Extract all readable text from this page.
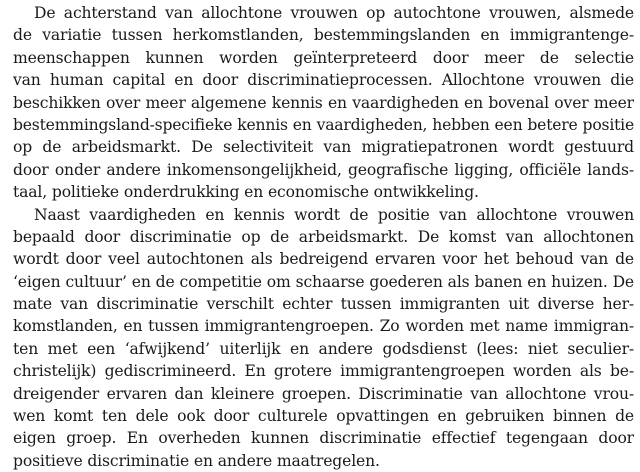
De achterstand van allochtone vrouwen op autochtone vrouwen, alsmede
de variatie tussen herkomstlanden, bestemmingslanden en immigrantenge-
meenschappen kunnen worden geïnterpreteerd door meer de selectie
van human capital en door discriminatieprocessen. Allochtone vrouwen die
beschikken over meer algemene kennis en vaardigheden en bovenal over meer
bestemmingsland-specifieke kennis en vaardigheden, hebben een betere positie
op de arbeidsmarkt. De selectiviteit van migratiepatronen wordt gestuurd
door onder andere inkomensongelijkheid, geografische ligging, officiële lands-
taal, politieke onderdrukking en economische ontwikkeling.
Naast vaardigheden en kennis wordt de positie van allochtone vrouwen
bepaald door discriminatie op de arbeidsmarkt. De komst van allochtonen
wordt door veel autochtonen als bedreigend ervaren voor het behoud van de
‘eigen cultuur’ en de competitie om schaarse goederen als banen en huizen. De
mate van discriminatie verschilt echter tussen immigranten uit diverse her-
komstlanden, en tussen immigrantengroepen. Zo worden met name immigran-
ten met een ‘afwijkend’ uiterlijk en andere godsdienst (lees: niet seculier-
christelijk) gediscrimineerd. En grotere immigrantengroepen worden als be-
dreigender ervaren dan kleinere groepen. Discriminatie van allochtone vrou-
wen komt ten dele ook door culturele opvattingen en gebruiken binnen de
eigen groep. En overheden kunnen discriminatie effectief tegengaan door
positieve discriminatie en andere maatregelen.
